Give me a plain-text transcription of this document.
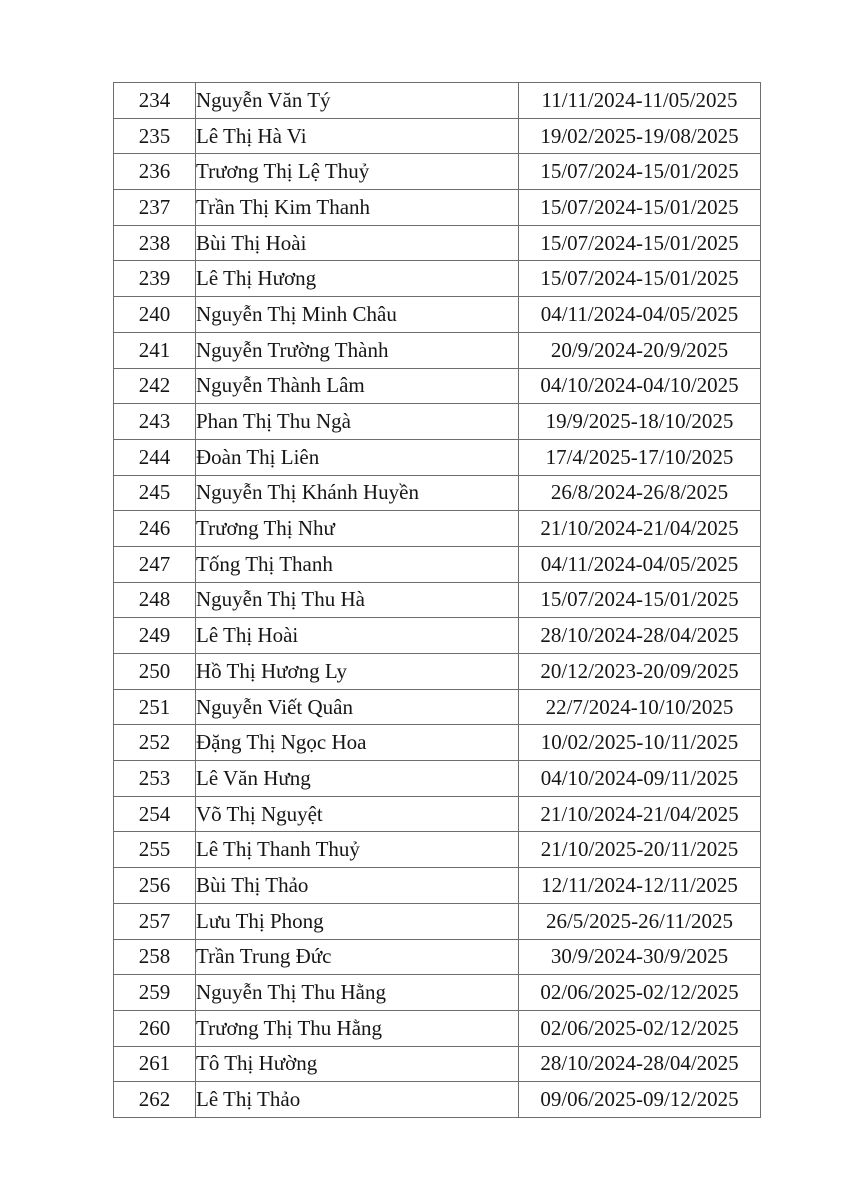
234	Nguyễn Văn Tý	11/11/2024-11/05/2025
235	Lê Thị Hà Vi	19/02/2025-19/08/2025
236	Trương Thị Lệ Thuỷ	15/07/2024-15/01/2025
237	Trần Thị Kim Thanh	15/07/2024-15/01/2025
238	Bùi Thị Hoài	15/07/2024-15/01/2025
239	Lê Thị Hương	15/07/2024-15/01/2025
240	Nguyễn Thị Minh Châu	04/11/2024-04/05/2025
241	Nguyễn Trường Thành	20/9/2024-20/9/2025
242	Nguyễn Thành Lâm	04/10/2024-04/10/2025
243	Phan Thị Thu Ngà	19/9/2025-18/10/2025
244	Đoàn Thị Liên	17/4/2025-17/10/2025
245	Nguyễn Thị Khánh Huyền	26/8/2024-26/8/2025
246	Trương Thị Như	21/10/2024-21/04/2025
247	Tống Thị Thanh	04/11/2024-04/05/2025
248	Nguyễn Thị Thu Hà	15/07/2024-15/01/2025
249	Lê Thị Hoài	28/10/2024-28/04/2025
250	Hồ Thị Hương Ly	20/12/2023-20/09/2025
251	Nguyễn Viết Quân	22/7/2024-10/10/2025
252	Đặng Thị Ngọc Hoa	10/02/2025-10/11/2025
253	Lê Văn Hưng	04/10/2024-09/11/2025
254	Võ Thị Nguyệt	21/10/2024-21/04/2025
255	Lê Thị Thanh Thuỷ	21/10/2025-20/11/2025
256	Bùi Thị Thảo	12/11/2024-12/11/2025
257	Lưu Thị Phong	26/5/2025-26/11/2025
258	Trần Trung Đức	30/9/2024-30/9/2025
259	Nguyễn Thị Thu Hằng	02/06/2025-02/12/2025
260	Trương Thị Thu Hằng	02/06/2025-02/12/2025
261	Tô Thị Hường	28/10/2024-28/04/2025
262	Lê Thị Thảo	09/06/2025-09/12/2025
